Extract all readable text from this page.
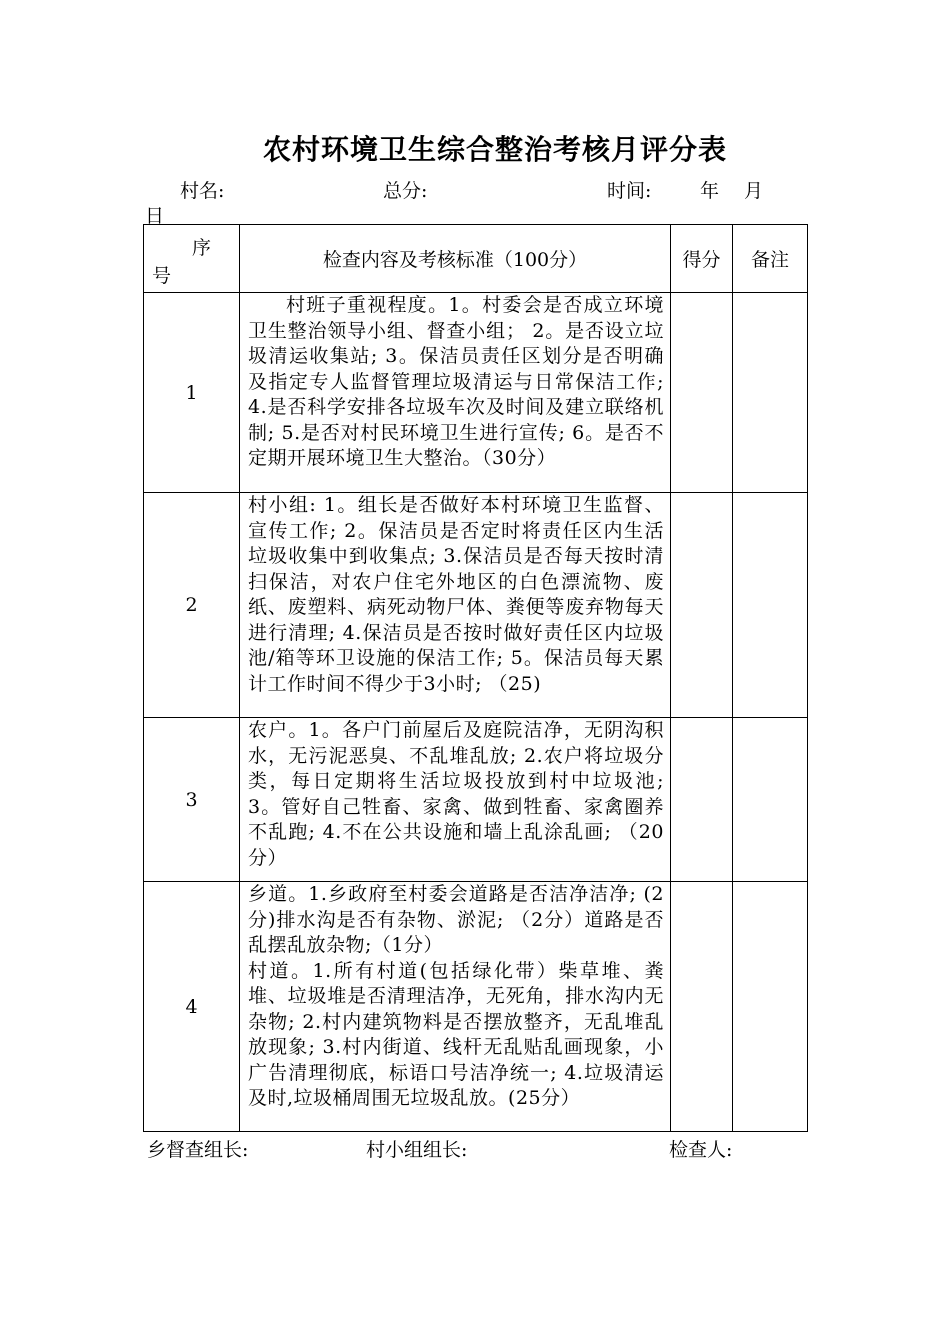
农村环境卫生综合整治考核月评分表
村名:	总分:	时间:	年 月
日
序
号	检查内容及考核标准（100分）	得分	备注
1	村班子重视程度。1。村委会是否成立环境卫生整治领导小组、督查小组； 2。是否设立垃圾清运收集站; 3。保洁员责任区划分是否明确及指定专人监督管理垃圾清运与日常保洁工作; 4.是否科学安排各垃圾车次及时间及建立联络机制; 5.是否对村民环境卫生进行宣传; 6。是否不定期开展环境卫生大整治。（30分）		

2	村小组: 1。组长是否做好本村环境卫生监督、宣传工作; 2。保洁员是否定时将责任区内生活垃圾收集中到收集点; 3.保洁员是否每天按时清扫保洁，对农户住宅外地区的白色漂流物、废纸、废塑料、病死动物尸体、粪便等废弃物每天进行清理; 4.保洁员是否按时做好责任区内垃圾池/箱等环卫设施的保洁工作; 5。保洁员每天累计工作时间不得少于3小时; （25)		

3	农户。1。各户门前屋后及庭院洁净，无阴沟积水，无污泥恶臭、不乱堆乱放; 2.农户将垃圾分类，每日定期将生活垃圾投放到村中垃圾池; 3。管好自己牲畜、家禽、做到牲畜、家禽圈养不乱跑; 4.不在公共设施和墙上乱涂乱画; （20分）		

4	乡道。1.乡政府至村委会道路是否洁净洁净; (2分)排水沟是否有杂物、淤泥; （2分）道路是否乱摆乱放杂物;（1分）
村道。1.所有村道(包括绿化带）柴草堆、粪堆、垃圾堆是否清理洁净，无死角，排水沟内无杂物; 2.村内建筑物料是否摆放整齐，无乱堆乱放现象; 3.村内街道、线杆无乱贴乱画现象，小广告清理彻底，标语口号洁净统一; 4.垃圾清运及时,垃圾桶周围无垃圾乱放。(25分）		

乡督查组长:	村小组组长:	检查人:
